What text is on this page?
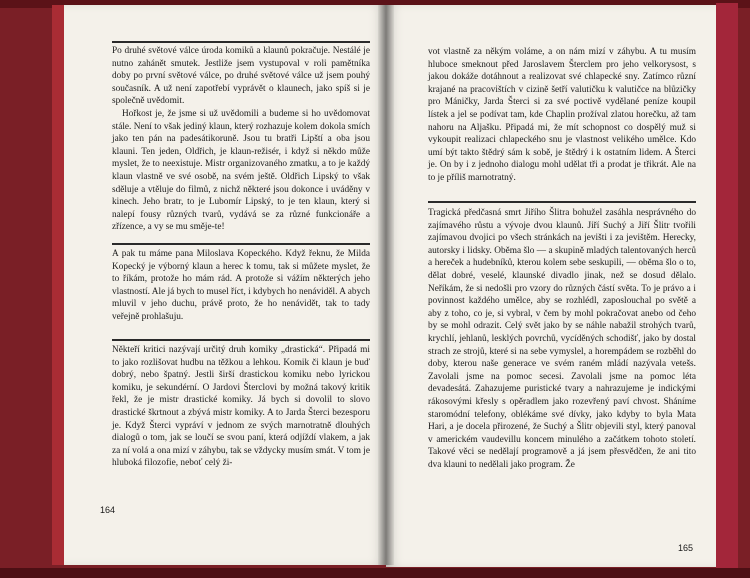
Po druhé světové válce úroda komiků a klaunů pokračuje. Nestálé je nutno zahánět smutek. Jestliže jsem vystupoval v roli pamětníka doby po první světové válce, po druhé světové válce už jsem pouhý současník. A už není zapotřebí vyprávět o klaunech, jako spíš si je společně uvědomit.

Hořkost je, že jsme si už uvědomili a budeme si ho uvědomovat stále. Není to však jediný klaun, který rozhazuje kolem dokola smích jako ten pán na padesátikoruně. Jsou tu bratři Lipští a oba jsou klauni. Ten jeden, Oldřich, je klaun-režisér, i když si někdo může myslet, že to neexistuje. Mistr organizovaného zmatku, a to je každý klaun vlastně ve své osobě, na svém ještě. Oldřich Lipský to však sděluje a vtěluje do filmů, z nichž některé jsou dokonce i uváděny v kinech. Jeho bratr, to je Lubomír Lipský, to je ten klaun, který si nalepí fousy různých tvarů, vydává se za různé funkcionáře a zřízence, a vy se mu směje-te!

A pak tu máme pana Miloslava Kopeckého. Když řeknu, že Milda Kopecký je výborný klaun a herec k tomu, tak si můžete myslet, že to říkám, protože ho mám rád. A protože si vážím některých jeho vlastností. Ale já bych to musel říct, i kdybych ho nenáviděl. A abych mluvil v jeho duchu, právě proto, že ho nenávidět, tak to tady veřejně prohlašuju.

Někteří kritici nazývají určitý druh komiky „drastická“. Připadá mi to jako rozlišovat hudbu na těžkou a lehkou. Komik či klaun je buď dobrý, nebo špatný. Jestli širší drastickou komiku nebo lyrickou komiku, je sekundérní. O Jardovi Šterclovi by možná takový kritik řekl, že je mistr drastické komiky. Já bych si dovolil to slovo drastické škrtnout a zbývá mistr komiky. A to Jarda Šterci bezesporu je. Když Šterci vypráví v jednom ze svých marnotratně dlouhých dialogů o tom, jak se loučí se svou paní, která odjíždí vlakem, a jak za ní volá a ona mizí v záhybu, tak se vždycky musím smát. V tom je hluboká filozofie, neboť celý ži-

164

vot vlastně za někým voláme, a on nám mizí v záhybu. A tu musím hluboce smeknout před Jaroslavem Šterclem pro jeho velkorysost, s jakou dokáže dotáhnout a realizovat své chlapecké sny. Zatímco různí krajané na pracovištích v cizině šetří valutičku k valutičce na blůzičky pro Máničky, Jarda Šterci si za své poctivě vydělané peníze koupil lístek a jel se podívat tam, kde Chaplin prožíval zlatou horečku, až tam nahoru na Aljašku. Připadá mi, že mít schopnost co dospělý muž si vykoupit realizaci chlapeckého snu je vlastnost velikého umělce. Kdo umí být takto štědrý sám k sobě, je štědrý i k ostatním lidem. A Šterci je. On by i z jednoho dialogu mohl udělat tři a prodat je třikrát. Ale na to je příliš marnotratný.

Tragická předčasná smrt Jiřího Šlitra bohužel zasáhla nesprávného do zajímavého růstu a vývoje dvou klaunů. Jiří Suchý a Jiří Šlitr tvořili zajímavou dvojici po všech stránkách na jevišti i za jevištěm. Herecky, autorsky i lidsky. Oběma šlo — a skupině mladých talentovaných herců a hereček a hudebníků, kterou kolem sebe seskupili, — oběma šlo o to, dělat dobré, veselé, klaunské divadlo jinak, než se dosud dělalo. Neříkám, že si nedošli pro vzory do různých částí světa. To je právo a i povinnost každého umělce, aby se rozhlédl, zaposlouchal po světě a aby z toho, co je, si vybral, v čem by mohl pokračovat anebo od čeho by se mohl odrazit. Celý svět jako by se náhle nabažil strohých tvarů, krychlí, jehlanů, lesklých povrchů, vycíděných schodišť, jako by dostal strach ze strojů, které si na sebe vymyslel, a horempádem se rozběhl do doby, kterou naše generace ve svém raném mládí nazývala vetešs. Zavolali jsme na pomoc secesi. Zavolali jsme na pomoc léta devadesátá. Zahazujeme puristické tvary a nahrazujeme je indickými rákosovými křesly s opěradlem jako rozevřený paví chvost. Sháníme staromódní telefony, oblékáme své dívky, jako kdyby to byla Mata Hari, a je docela přirozené, že Suchý a Šlitr objevili styl, který panoval v americkém vaudevillu koncem minulého a začátkem tohoto století. Takové věci se nedělají programově a já jsem přesvědčen, že ani tito dva klauni to nedělali jako program. Že

165
